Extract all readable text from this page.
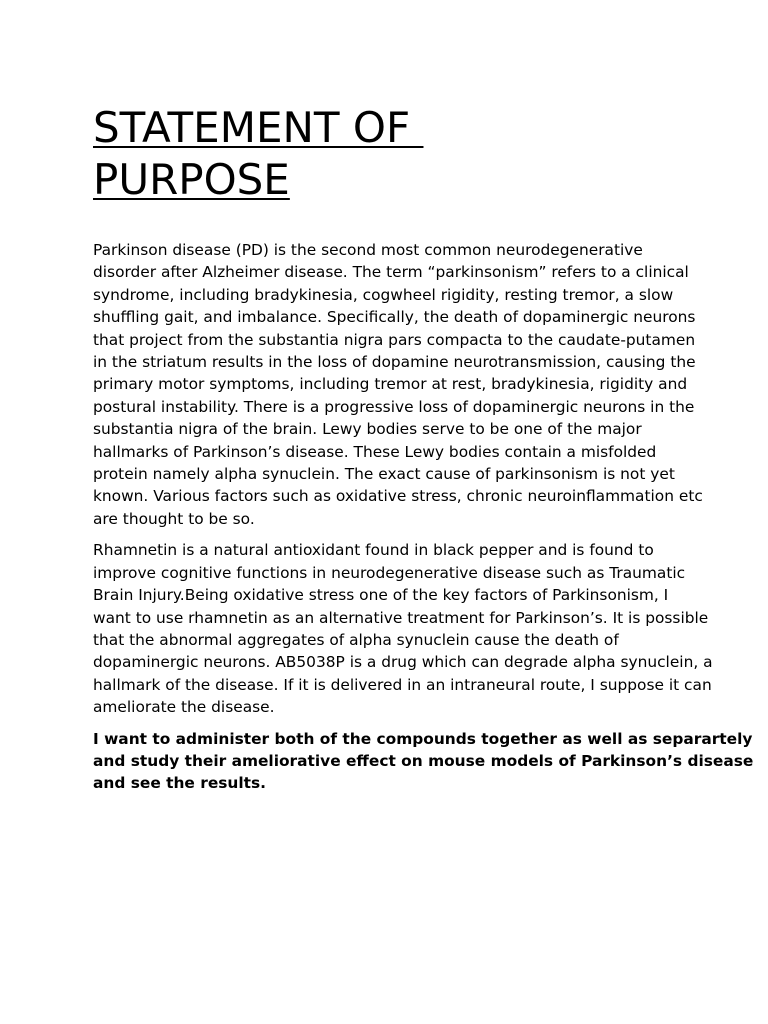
STATEMENT OF
PURPOSE

Parkinson disease (PD) is the second most common neurodegenerative
disorder after Alzheimer disease. The term “parkinsonism” refers to a clinical
syndrome, including bradykinesia, cogwheel rigidity, resting tremor, a slow
shuffling gait, and imbalance. Specifically, the death of dopaminergic neurons
that project from the substantia nigra pars compacta to the caudate-putamen
in the striatum results in the loss of dopamine neurotransmission, causing the
primary motor symptoms, including tremor at rest, bradykinesia, rigidity and
postural instability. There is a progressive loss of dopaminergic neurons in the
substantia nigra of the brain. Lewy bodies serve to be one of the major
hallmarks of Parkinson’s disease. These Lewy bodies contain a misfolded
protein namely alpha synuclein. The exact cause of parkinsonism is not yet
known. Various factors such as oxidative stress, chronic neuroinflammation etc
are thought to be so.

Rhamnetin is a natural antioxidant found in black pepper and is found to
improve cognitive functions in neurodegenerative disease such as Traumatic
Brain Injury.Being oxidative stress one of the key factors of Parkinsonism, I
want to use rhamnetin as an alternative treatment for Parkinson’s. It is possible
that the abnormal aggregates of alpha synuclein cause the death of
dopaminergic neurons. AB5038P is a drug which can degrade alpha synuclein, a
hallmark of the disease. If it is delivered in an intraneural route, I suppose it can
ameliorate the disease.

I want to administer both of the compounds together as well as separartely
and study their ameliorative effect on mouse models of Parkinson’s disease
and see the results.
